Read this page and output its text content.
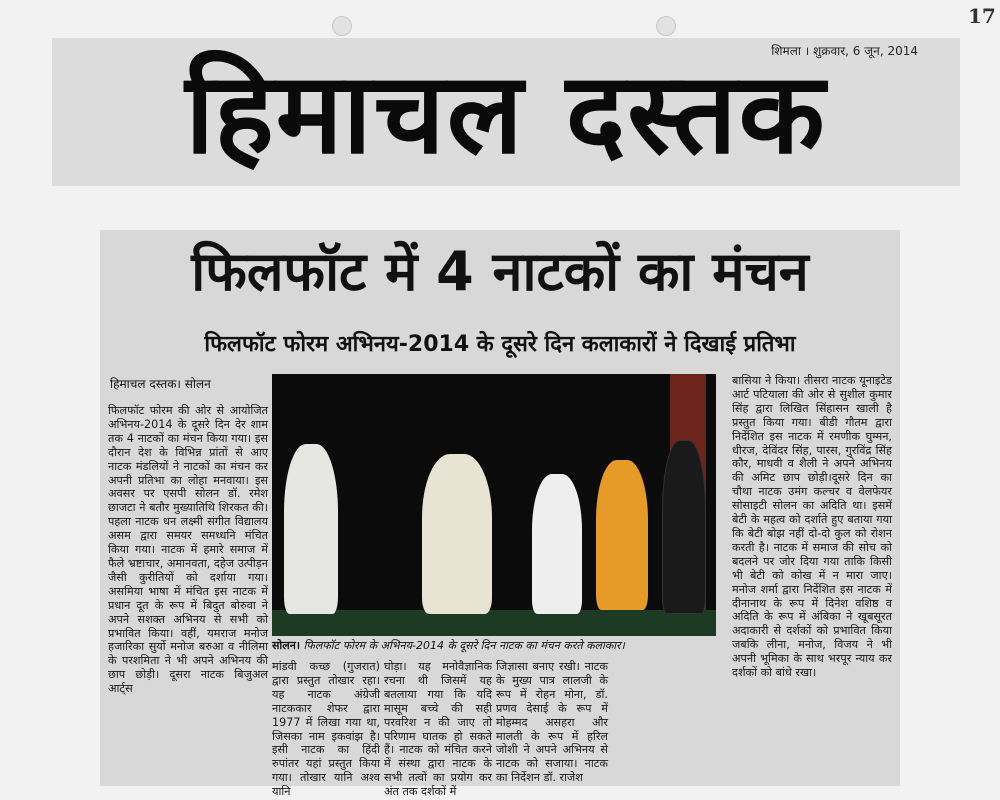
17
शिमला । शुक्रवार, 6 जून, 2014
हिमाचल दस्तक
फिलफॉट में 4 नाटकों का मंचन
फिलफॉट फोरम अभिनय-2014 के दूसरे दिन कलाकारों ने दिखाई प्रतिभा
हिमाचल दस्तक। सोलन
फिलफॉट फोरम की ओर से आयोजित अभिनय-2014 के दूसरे दिन देर शाम तक 4 नाटकों का मंचन किया गया। इस दौरान देश के विभिन्न प्रांतों से आए नाटक मंडलियों ने नाटकों का मंचन कर अपनी प्रतिभा का लोहा मनवाया। इस अवसर पर एसपी सोलन डॉ. रमेश छाजटा ने बतौर मुख्यातिथि शिरकत की। पहला नाटक धन लक्ष्मी संगीत विद्यालय असम द्वारा समयर समध्धनि मंचित किया गया। नाटक में हमारे समाज में फैले भ्रष्टाचार, अमानवता, दहेज उत्पीड़न जैसी कुरीतियों को दर्शाया गया। असमिया भाषा में मंचित इस नाटक में प्रधान दूत के रूप में बिदुत बोरुवा ने अपने सशक्त अभिनय से सभी को प्रभावित किया। वहीं, यमराज मनोज हजारिका सुर्यो मनोज बरुआ व नीलिमा के परशमिता ने भी अपने अभिनय की छाप छोड़ी। दूसरा नाटक बिजुअल आर्ट्स
सोलन। फिलफॉट फोरम के अभिनय-2014 के दूसरे दिन नाटक का मंचन करते कलाकार।
मांडवी कच्छ (गुजरात) द्वारा प्रस्तुत तोखार रहा। यह नाटक अंग्रेजी नाटककार शेफर द्वारा 1977 में लिखा गया था, जिसका नाम इकवांझ है। इसी नाटक का हिंदी रुपांतर यहां प्रस्तुत किया गया। तोखार यानि अश्व यानि
घोड़ा। यह मनोवैज्ञानिक रचना थी जिसमें यह बतलाया गया कि यदि मासूम बच्चे की सही परवरिश न की जाए तो परिणाम घातक हो सकते हैं। नाटक को मंचित करने में संस्था द्वारा नाटक के सभी तत्वों का प्रयोग कर अंत तक दर्शकों में
जिज्ञासा बनाए रखी। नाटक के मुख्य पात्र लालजी के रूप में रोहन मोना, डॉ. प्रणव देसाई के रूप में मोहम्मद असहरा और मालती के रूप में हरिल जोशी ने अपने अभिनय से नाटक को सजाया। नाटक का निर्देशन डॉ. राजेश
बासिया ने किया। तीसरा नाटक यूनाइटेड आर्ट पटियाला की ओर से सुशील कुमार सिंह द्वारा लिखित सिंहासन खाली है प्रस्तुत किया गया। बीडी गौतम द्वारा निर्देशित इस नाटक में रमणीक घुम्मन, धीरज, देविंदर सिंह, पारस, गुरविंद्र सिंह कौर, माधवी व शैली ने अपने अभिनय की अमिट छाप छोड़ी।दूसरे दिन का चौथा नाटक उमंग कल्चर व वेलफेयर सोसाइटी सोलन का अदिति था। इसमें बेटी के महत्व को दर्शाते हुए बताया गया कि बेटी बोझ नहीं दो-दो कुल को रोशन करती है। नाटक में समाज की सोच को बदलने पर जोर दिया गया ताकि किसी भी बेटी को कोख में न मारा जाए। मनोज शर्मा द्वारा निर्देशित इस नाटक में दीनानाथ के रूप में दिनेश वशिष्ठ व अदिति के रूप में अंबिका ने खूबसूरत अदाकारी से दर्शकों को प्रभावित किया जबकि लीना, मनोज, विजय ने भी अपनी भूमिका के साथ भरपूर न्याय कर दर्शकों को बांधे रखा।
